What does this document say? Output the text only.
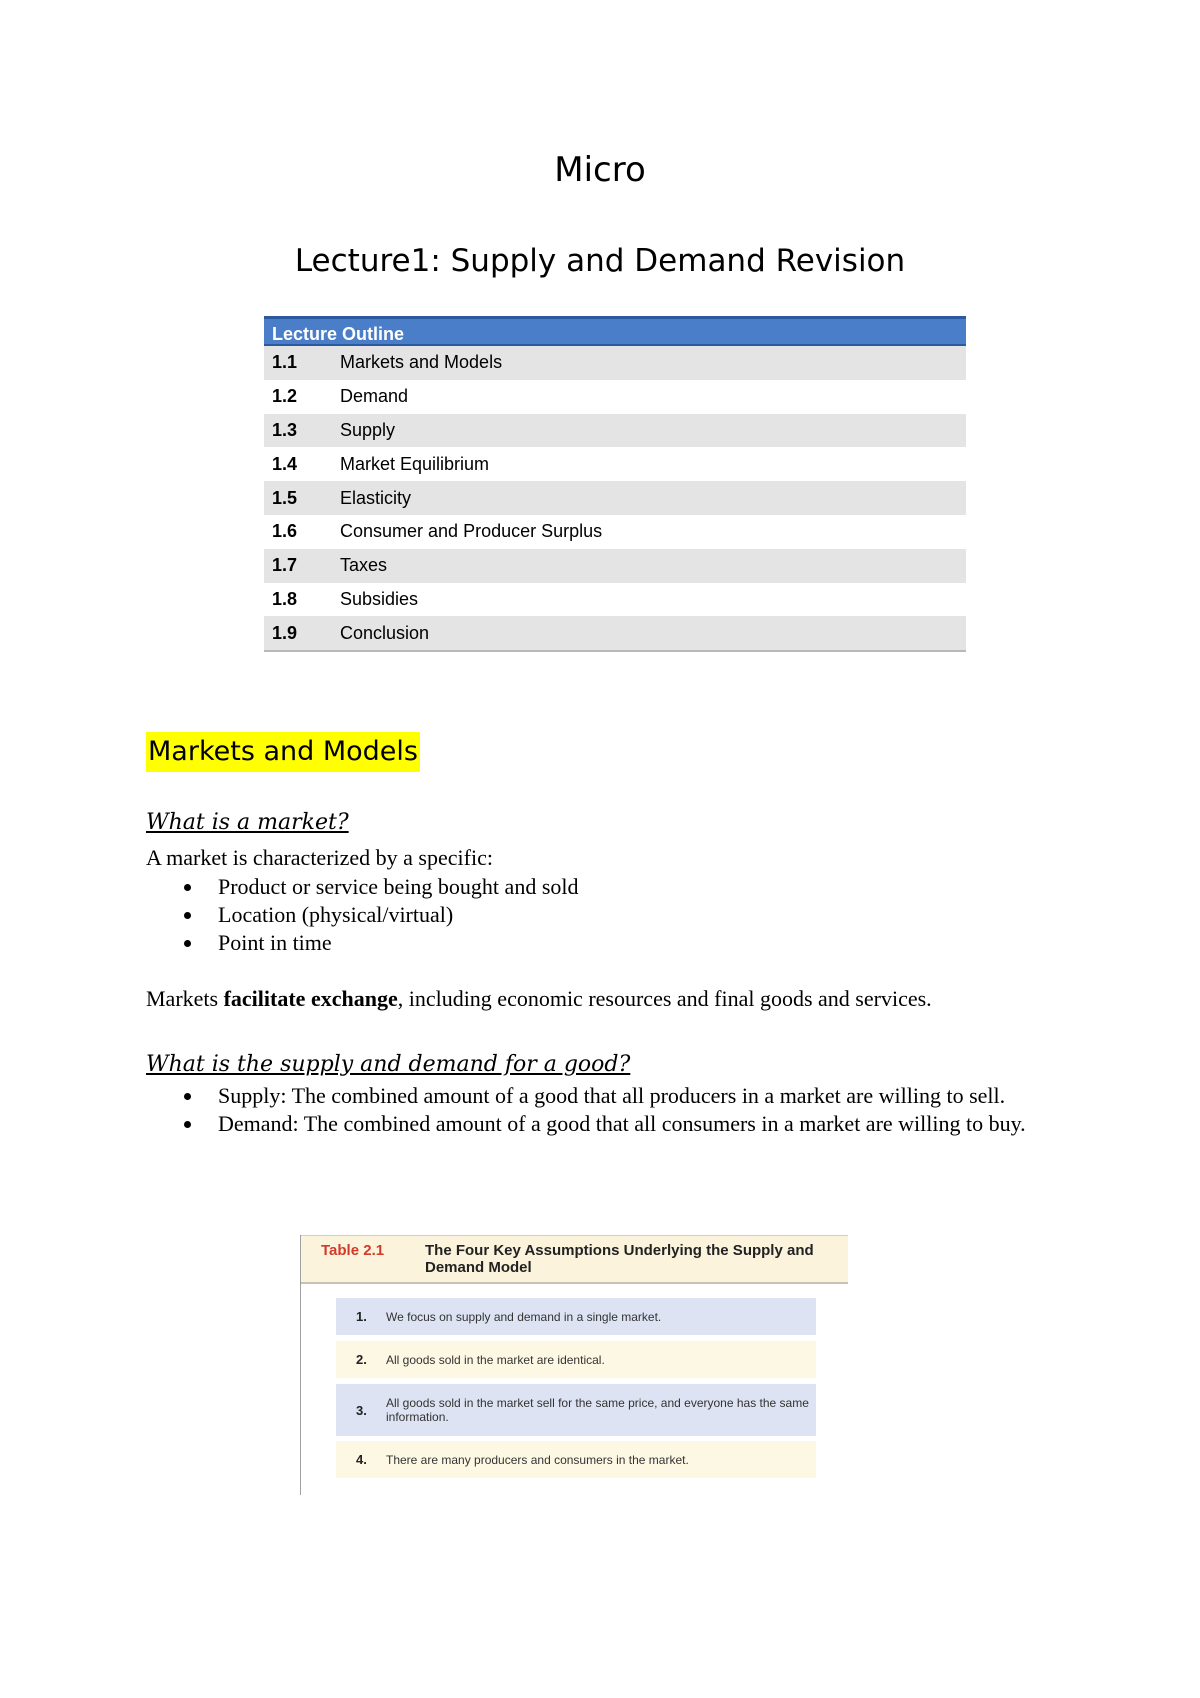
Micro
Lecture1: Supply and Demand Revision
Lecture Outline
1.1	Markets and Models
1.2	Demand
1.3	Supply
1.4	Market Equilibrium
1.5	Elasticity
1.6	Consumer and Producer Surplus
1.7	Taxes
1.8	Subsidies
1.9	Conclusion
Markets and Models
What is a market?
A market is characterized by a specific:
Product or service being bought and sold
Location (physical/virtual)
Point in time
Markets facilitate exchange, including economic resources and final goods and services.
What is the supply and demand for a good?
Supply: The combined amount of a good that all producers in a market are willing to sell.
Demand: The combined amount of a good that all consumers in a market are willing to buy.
Table 2.1	The Four Key Assumptions Underlying the Supply and Demand Model
1. We focus on supply and demand in a single market.
2. All goods sold in the market are identical.
3. All goods sold in the market sell for the same price, and everyone has the same information.
4. There are many producers and consumers in the market.
